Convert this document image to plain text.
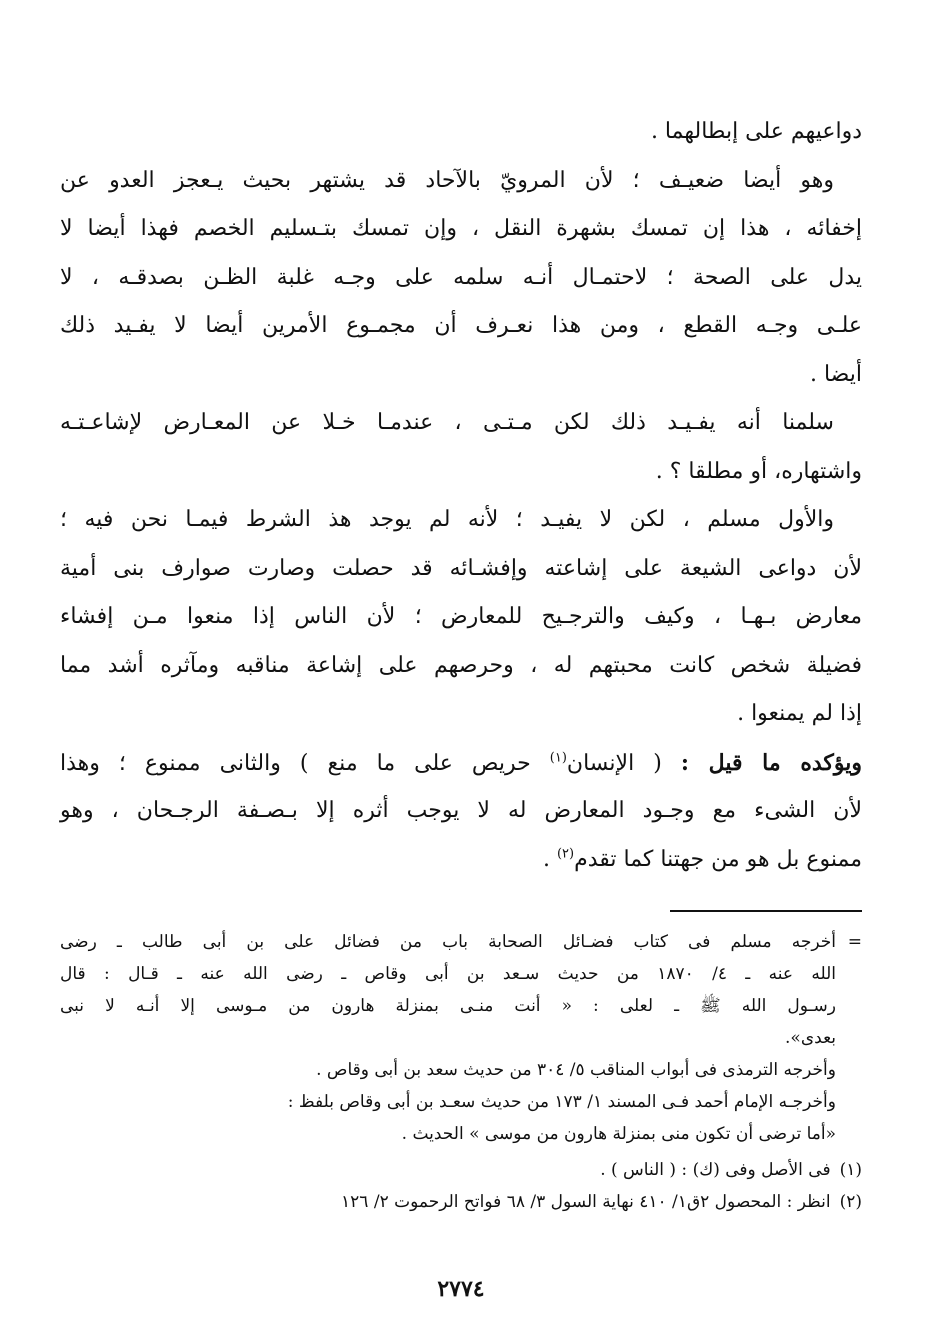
دواعيهم على إبطالهما .
وهو أيضا ضعيـف ؛ لأن المرويّ بالآحاد قد يشتهر بحيث يـعجز العدو عن
إخفائه ، هذا إن تمسك بشهرة النقل ، وإن تمسك بتـسليم الخصم فهذا أيضا لا
يدل على الصحة ؛ لاحتمـال أنـه سلمه على وجـه غلبة الظـن بصدقـه ، لا
علـى وجـه القطع ، ومن هذا نعـرف أن مجمـوع الأمرين أيضا لا يفـيد ذلك
أيضا .
سلمنا أنه يفـيـد ذلك لكن مـتـى ، عندمـا خـلا عن المعـارض لإشاعـتـه
واشتهاره، أو مطلقا ؟ .
والأول مسلم ، لكن لا يفيـد ؛ لأنه لم يوجد هذ الشرط فيمـا نحن فيه ؛
لأن دواعى الشيعة على إشاعته وإفشـائه قد حصلت وصارت صوارف بنى أمية
معارض بـهـا ، وكيف والترجـيح للمعارض ؛ لأن الناس إذا منعوا مـن إفشاء
فضيلة شخص كانت محبتهم له ، وحرصهم على إشاعة مناقبه ومآثره أشد مما
إذا لم يمنعوا .
ويؤكده ما قيل : ( الإنسان$^{(١)}$ حريص على ما منع ) والثانى ممنوع ؛ وهذا
لأن الشىء مع وجـود المعارض له لا يوجب أثره إلا بـصـفة الرجـحان ، وهو
ممنوع بل هو من جهتنا كما تقدم$^{(٢)}$ .
=أخرجه مسلم فى كتاب فضـائل الصحابة باب من فضائل على بن أبى طالب ـ رضى
الله عنه ـ ٤/ ١٨٧٠ من حديث سـعد بن أبى وقاص ـ رضى الله عنه ـ قـال : قال
رسـول الله ﷺ ـ لعلى : « أنت منـى بمنزلة هارون من مـوسى إلا أنـه لا نبى
بعدى».
وأخرجه الترمذى فى أبواب المناقب ٥/ ٣٠٤ من حديث سعد بن أبى وقاص .
وأخرجـه الإمام أحمد فـى المسند ١/ ١٧٣ من حديث سعـد بن أبى وقاص بلفظ :
«أما ترضى أن تكون منى بمنزلة هارون من موسى » الحديث .
(١) فى الأصل وفى (ك) : ( الناس ) .
(٢) انظر : المحصول ٢ق١/ ٤١٠ نهاية السول ٣/ ٦٨ فواتح الرحموت ٢/ ١٢٦
٢٧٧٤
